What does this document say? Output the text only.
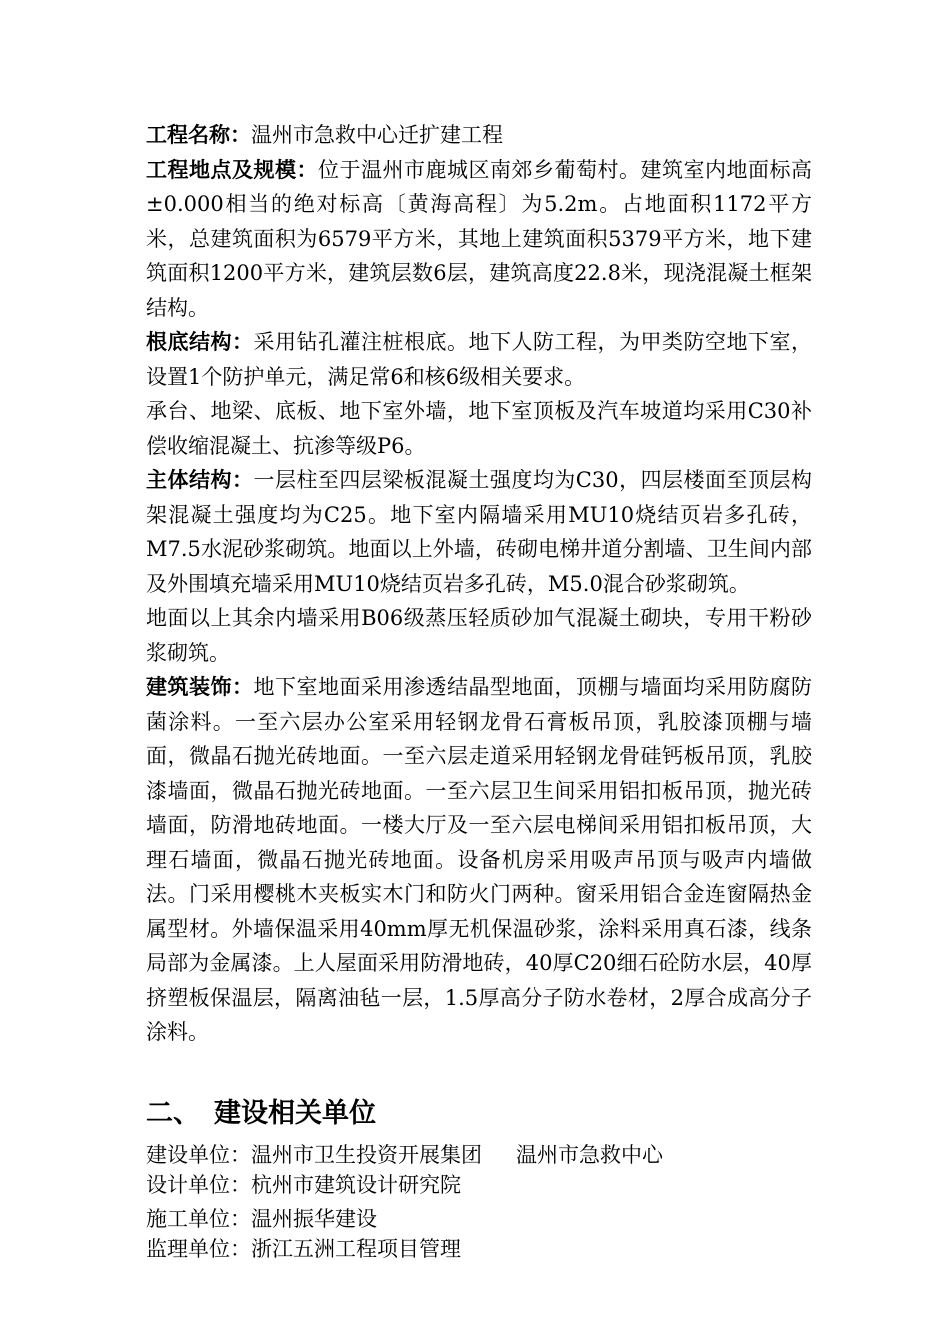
工程名称：温州市急救中心迁扩建工程

工程地点及规模：位于温州市鹿城区南郊乡葡萄村。建筑室内地面标高±0.000相当的绝对标高〔黄海高程〕为5.2m。占地面积1172平方米，总建筑面积为6579平方米，其地上建筑面积5379平方米，地下建筑面积1200平方米，建筑层数6层，建筑高度22.8米，现浇混凝土框架结构。

根底结构：采用钻孔灌注桩根底。地下人防工程，为甲类防空地下室，设置1个防护单元，满足常6和核6级相关要求。

承台、地梁、底板、地下室外墙，地下室顶板及汽车坡道均采用C30补偿收缩混凝土、抗渗等级P6。

主体结构：一层柱至四层梁板混凝土强度均为C30，四层楼面至顶层构架混凝土强度均为C25。地下室内隔墙采用MU10烧结页岩多孔砖，M7.5水泥砂浆砌筑。地面以上外墙，砖砌电梯井道分割墙、卫生间内部及外围填充墙采用MU10烧结页岩多孔砖，M5.0混合砂浆砌筑。

地面以上其余内墙采用B06级蒸压轻质砂加气混凝土砌块，专用干粉砂浆砌筑。

建筑装饰：地下室地面采用渗透结晶型地面，顶棚与墙面均采用防腐防菌涂料。一至六层办公室采用轻钢龙骨石膏板吊顶，乳胶漆顶棚与墙面，微晶石抛光砖地面。一至六层走道采用轻钢龙骨硅钙板吊顶，乳胶漆墙面，微晶石抛光砖地面。一至六层卫生间采用铝扣板吊顶，抛光砖墙面，防滑地砖地面。一楼大厅及一至六层电梯间采用铝扣板吊顶，大理石墙面，微晶石抛光砖地面。设备机房采用吸声吊顶与吸声内墙做法。门采用樱桃木夹板实木门和防火门两种。窗采用铝合金连窗隔热金属型材。外墙保温采用40mm厚无机保温砂浆，涂料采用真石漆，线条局部为金属漆。上人屋面采用防滑地砖，40厚C20细石砼防水层，40厚挤塑板保温层，隔离油毡一层，1.5厚高分子防水卷材，2厚合成高分子涂料。

二、 建设相关单位

建设单位：温州市卫生投资开展集团 温州市急救中心

设计单位：杭州市建筑设计研究院

施工单位：温州振华建设

监理单位：浙江五洲工程项目管理
